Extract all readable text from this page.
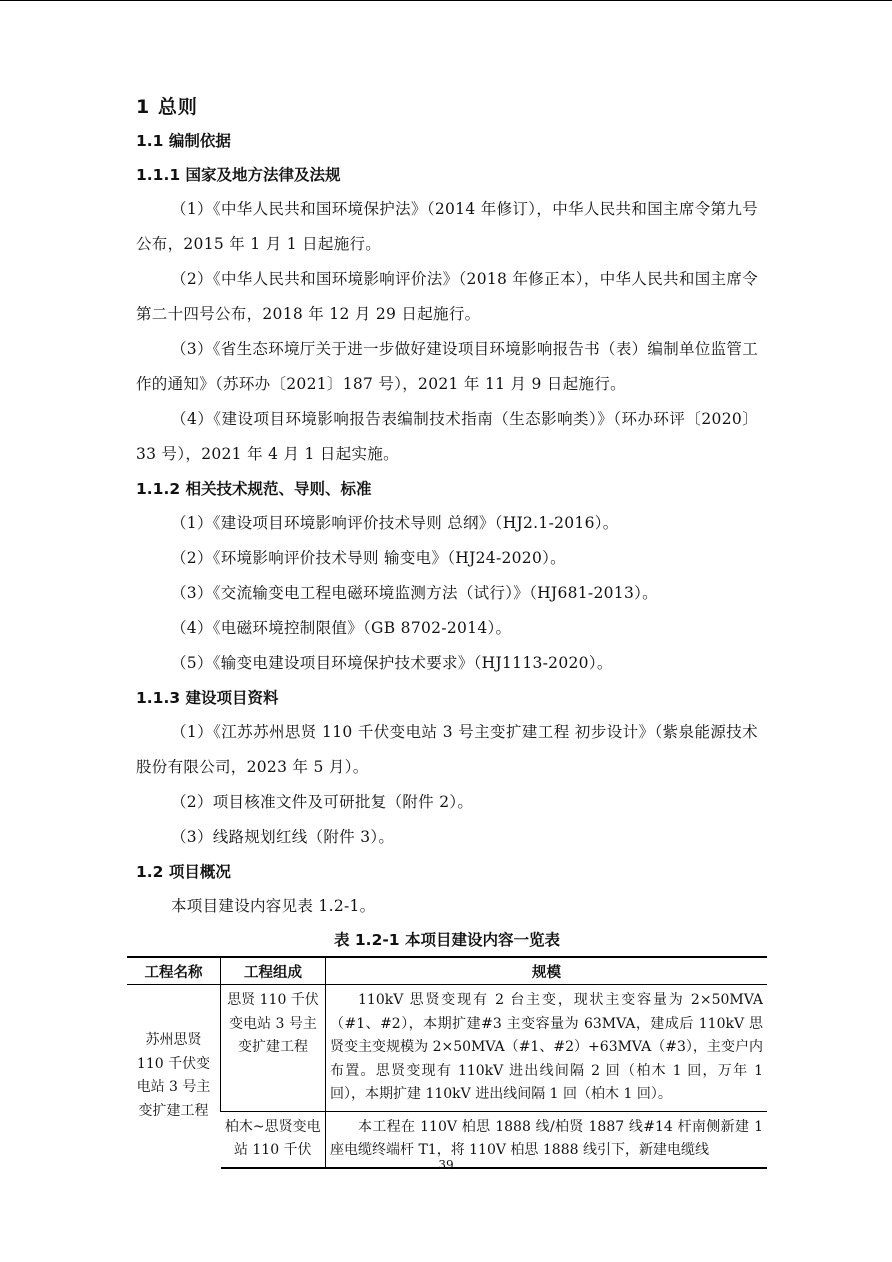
1 总则
1.1 编制依据
1.1.1 国家及地方法律及法规

（1）《中华人民共和国环境保护法》（2014 年修订），中华人民共和国主席令第九号公布，2015 年 1 月 1 日起施行。

（2）《中华人民共和国环境影响评价法》（2018 年修正本），中华人民共和国主席令第二十四号公布，2018 年 12 月 29 日起施行。

（3）《省生态环境厅关于进一步做好建设项目环境影响报告书（表）编制单位监管工作的通知》（苏环办〔2021〕187 号），2021 年 11 月 9 日起施行。

（4）《建设项目环境影响报告表编制技术指南（生态影响类）》（环办环评〔2020〕33 号），2021 年 4 月 1 日起实施。

1.1.2 相关技术规范、导则、标准

（1）《建设项目环境影响评价技术导则 总纲》（HJ2.1-2016）。

（2）《环境影响评价技术导则 输变电》（HJ24-2020）。

（3）《交流输变电工程电磁环境监测方法（试行）》（HJ681-2013）。

（4）《电磁环境控制限值》（GB 8702-2014）。

（5）《输变电建设项目环境保护技术要求》（HJ1113-2020）。

1.1.3 建设项目资料

（1）《江苏苏州思贤 110 千伏变电站 3 号主变扩建工程 初步设计》（紫泉能源技术股份有限公司，2023 年 5 月）。

（2）项目核准文件及可研批复（附件 2）。

（3）线路规划红线（附件 3）。

1.2 项目概况

本项目建设内容见表 1.2-1。

表 1.2-1 本项目建设内容一览表
工程名称	工程组成	规模
苏州思贤 110 千伏变电站 3 号主变扩建工程	思贤 110 千伏变电站 3 号主变扩建工程	110kV 思贤变现有 2 台主变，现状主变容量为 2×50MVA（#1、#2），本期扩建#3 主变容量为 63MVA，建成后 110kV 思贤变主变规模为 2×50MVA（#1、#2）+63MVA（#3），主变户内布置。思贤变现有 110kV 进出线间隔 2 回（柏木 1 回，万年 1 回），本期扩建 110kV 进出线间隔 1 回（柏木 1 回）。
	柏木~思贤变电站 110 千伏	本工程在 110V 柏思 1888 线/柏贤 1887 线#14 杆南侧新建 1 座电缆终端杆 T1，将 110V 柏思 1888 线引下，新建电缆线
39
